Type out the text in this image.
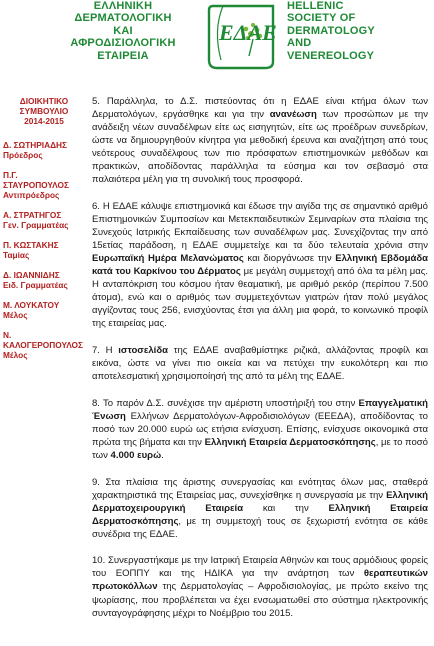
ΕΛΛΗΝΙΚΗ
ΔΕΡΜΑΤΟΛΟΓΙΚΗ
ΚΑΙ
ΑΦΡΟΔΙΣΙΟΛΟΓΙΚΗ
ΕΤΑΙΡΕΙΑ
ΕΔΑΕ
HELLENIC
SOCIETY OF
DERMATOLOGY
AND
VENEREOLOGY
ΔΙΟΙΚΗΤΙΚΟ ΣΥΜΒΟΥΛΙΟ
2014-2015
Δ. ΣΩΤΗΡΙΑΔΗΣ
Πρόεδρος
Π.Γ. ΣΤΑΥΡΟΠΟΥΛΟΣ
Αντιπρόεδρος
Α. ΣΤΡΑΤΗΓΟΣ
Γεν. Γραμματέας
Π. ΚΩΣΤΑΚΗΣ
Ταμίας
Δ. ΙΩΑΝΝΙΔΗΣ
Ειδ. Γραμματέας
Μ. ΛΟΥΚΑΤΟΥ
Μέλος
Ν. ΚΑΛΟΓΕΡΟΠΟΥΛΟΣ
Μέλος

5. Παράλληλα, το Δ.Σ. πιστεύοντας ότι η ΕΔΑΕ είναι κτήμα όλων των Δερματολόγων, εργάσθηκε και για την ανανέωση των προσώπων με την ανάδειξη νέων συναδέλφων είτε ως εισηγητών, είτε ως προέδρων συνεδρίων, ώστε να δημιουργηθούν κίνητρα για μεθοδική έρευνα και αναζήτηση από τους νεότερους συναδέλφους των πιο πρόσφατων επιστημονικών μεθόδων και πρακτικών, αποδίδοντας παράλληλα τα εύσημα και τον σεβασμό στα παλαιότερα μέλη για τη συνολική τους προσφορά.

6. Η ΕΔΑΕ κάλυψε επιστημονικά και έδωσε την αιγίδα της σε σημαντικό αριθμό Επιστημονικών Συμποσίων και Μετεκπαιδευτικών Σεμιναρίων στα πλαίσια της Συνεχούς Ιατρικής Εκπαίδευσης των συναδέλφων μας. Συνεχίζοντας την από 15ετίας παράδοση, η ΕΔΑΕ συμμετείχε και τα δύο τελευταία χρόνια στην Ευρωπαϊκή Ημέρα Μελανώματος και διοργάνωσε την Ελληνική Εβδομάδα κατά του Καρκίνου του Δέρματος με μεγάλη συμμετοχή από όλα τα μέλη μας. Η ανταπόκριση του κόσμου ήταν θεαματική, με αριθμό ρεκόρ (περίπου 7.500 άτομα), ενώ και ο αριθμός των συμμετεχόντων γιατρών ήταν πολύ μεγάλος αγγίζοντας τους 256, ενισχύοντας έτσι για άλλη μια φορά, το κοινωνικό προφίλ της εταιρείας μας.

7. Η ιστοσελίδα της ΕΔΑΕ αναβαθμίστηκε ριζικά, αλλάζοντας προφίλ και εικόνα, ώστε να γίνει πιο οικεία και να πετύχει την ευκολότερη και πιο αποτελεσματική χρησιμοποίησή της από τα μέλη της ΕΔΑΕ.

8. Το παρόν Δ.Σ. συνέχισε την αμέριστη υποστήριξή του στην Επαγγελματική Ένωση Ελλήνων Δερματολόγων-Αφροδισιολόγων (ΕΕΕΔΑ), αποδίδοντας το ποσό των 20.000 ευρώ ως ετήσια ενίσχυση. Επίσης, ενίσχυσε οικονομικά στα πρώτα της βήματα και την Ελληνική Εταιρεία Δερματοσκόπησης, με το ποσό των 4.000 ευρώ.

9. Στα πλαίσια της άριστης συνεργασίας και ενότητας όλων μας, σταθερά χαρακτηριστικά της Εταιρείας μας, συνεχίσθηκε η συνεργασία με την Ελληνική Δερματοχειρουργική Εταιρεία και την Ελληνική Εταιρεία Δερματοσκόπησης, με τη συμμετοχή τους σε ξεχωριστή ενότητα σε κάθε συνέδρια της ΕΔΑΕ.

10. Συνεργαστήκαμε με την Ιατρική Εταιρεία Αθηνών και τους αρμόδιους φορείς του ΕΟΠΠΥ και της ΗΔΙΚΑ για την ανάρτηση των θεραπευτικών πρωτοκόλλων της Δερματολογίας – Αφροδισιολογίας, με πρώτο εκείνο της ψωρίασης, που προβλέπεται να έχει ενσωματωθεί στο σύστημα ηλεκτρονικής συνταγογράφησης μέχρι το Νοέμβριο του 2015.
